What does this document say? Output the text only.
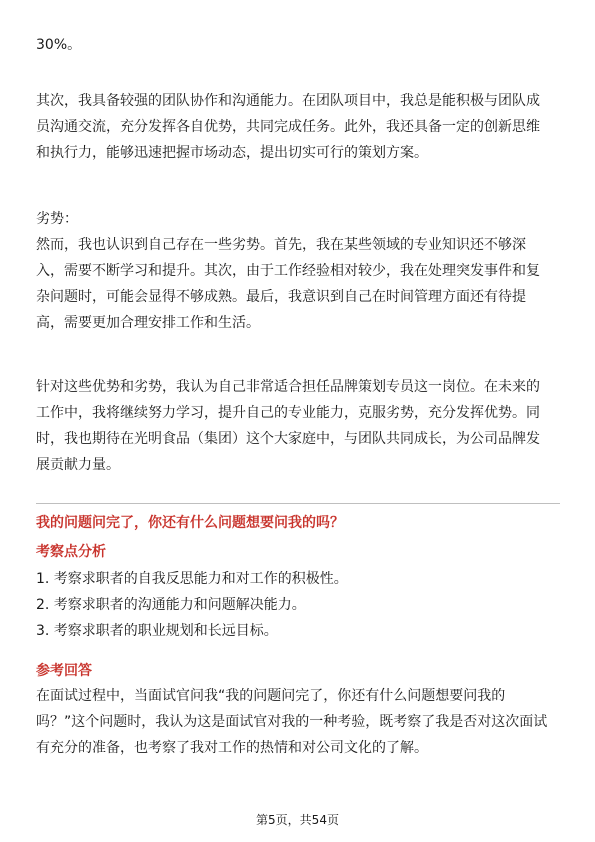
30%。

其次，我具备较强的团队协作和沟通能力。在团队项目中，我总是能积极与团队成
员沟通交流，充分发挥各自优势，共同完成任务。此外，我还具备一定的创新思维
和执行力，能够迅速把握市场动态，提出切实可行的策划方案。

劣势：

然而，我也认识到自己存在一些劣势。首先，我在某些领域的专业知识还不够深
入，需要不断学习和提升。其次，由于工作经验相对较少，我在处理突发事件和复
杂问题时，可能会显得不够成熟。最后，我意识到自己在时间管理方面还有待提
高，需要更加合理安排工作和生活。

针对这些优势和劣势，我认为自己非常适合担任品牌策划专员这一岗位。在未来的
工作中，我将继续努力学习，提升自己的专业能力，克服劣势，充分发挥优势。同
时，我也期待在光明食品（集团）这个大家庭中，与团队共同成长，为公司品牌发
展贡献力量。

我的问题问完了，你还有什么问题想要问我的吗？

考察点分析

1. 考察求职者的自我反思能力和对工作的积极性。
2. 考察求职者的沟通能力和问题解决能力。
3. 考察求职者的职业规划和长远目标。

参考回答

在面试过程中，当面试官问我“我的问题问完了，你还有什么问题想要问我的
吗？”这个问题时，我认为这是面试官对我的一种考验，既考察了我是否对这次面试
有充分的准备，也考察了我对工作的热情和对公司文化的了解。

第5页，共54页
